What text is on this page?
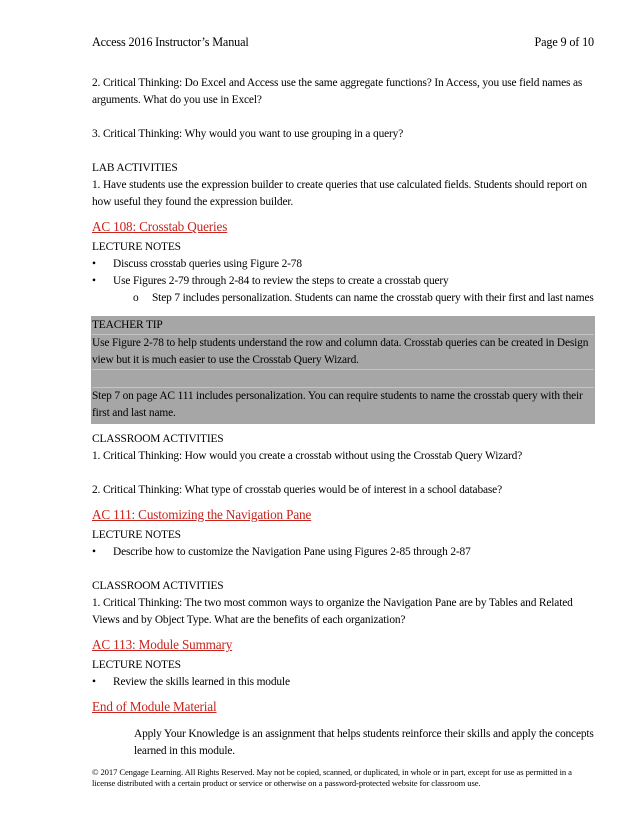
Access 2016 Instructor’s Manual	Page 9 of 10

2. Critical Thinking: Do Excel and Access use the same aggregate functions? In Access, you use field names as arguments. What do you use in Excel?

3. Critical Thinking: Why would you want to use grouping in a query?

LAB ACTIVITIES

1. Have students use the expression builder to create queries that use calculated fields. Students should report on how useful they found the expression builder.

AC 108: Crosstab Queries

LECTURE NOTES

•	Discuss crosstab queries using Figure 2-78
•	Use Figures 2-79 through 2-84 to review the steps to create a crosstab query
o	Step 7 includes personalization. Students can name the crosstab query with their first and last names

TEACHER TIP

Use Figure 2-78 to help students understand the row and column data. Crosstab queries can be created in Design view but it is much easier to use the Crosstab Query Wizard.

Step 7 on page AC 111 includes personalization. You can require students to name the crosstab query with their first and last name.

CLASSROOM ACTIVITIES

1. Critical Thinking: How would you create a crosstab without using the Crosstab Query Wizard?

2. Critical Thinking: What type of crosstab queries would be of interest in a school database?

AC 111: Customizing the Navigation Pane

LECTURE NOTES

•	Describe how to customize the Navigation Pane using Figures 2-85 through 2-87

CLASSROOM ACTIVITIES

1. Critical Thinking: The two most common ways to organize the Navigation Pane are by Tables and Related Views and by Object Type. What are the benefits of each organization?

AC 113: Module Summary

LECTURE NOTES

•	Review the skills learned in this module
End of Module Material

Apply Your Knowledge is an assignment that helps students reinforce their skills and apply the concepts learned in this module.

© 2017 Cengage Learning. All Rights Reserved. May not be copied, scanned, or duplicated, in whole or in part, except for use as permitted in a license distributed with a certain product or service or otherwise on a password-protected website for classroom use.
